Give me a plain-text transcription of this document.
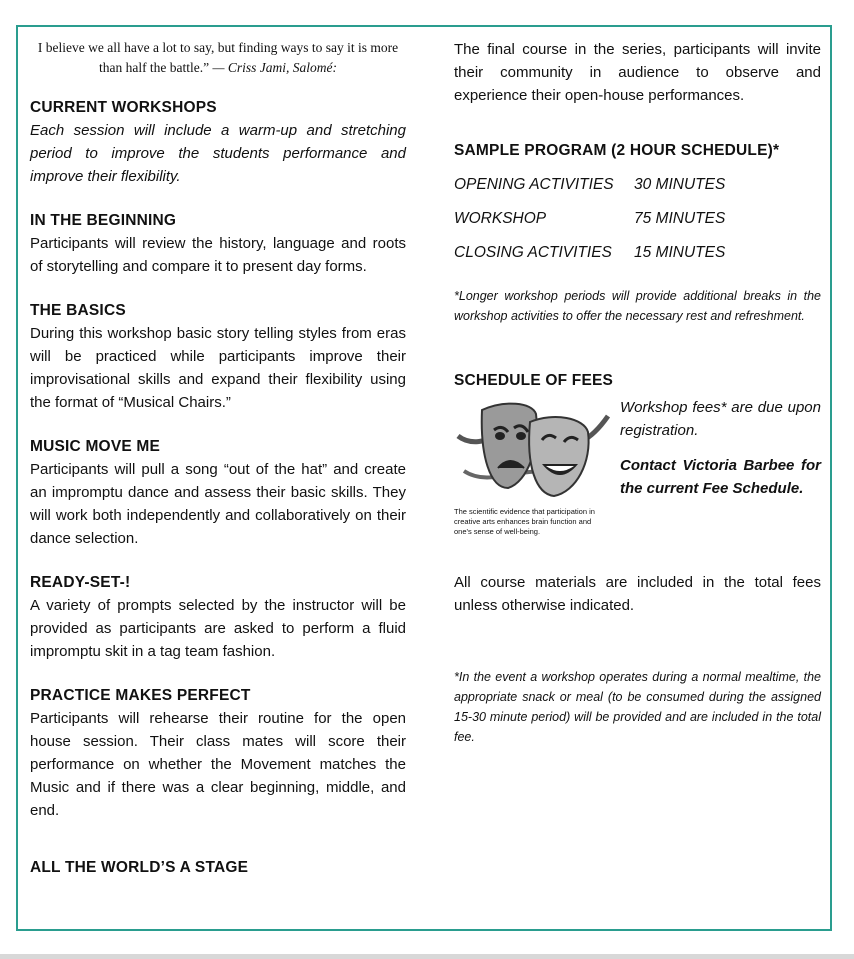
I believe we all have a lot to say, but finding ways to say it is more than half the battle.” — Criss Jami, Salomé:
CURRENT WORKSHOPS

Each session will include a warm-up and stretching period to improve the students performance and improve their flexibility.

IN THE BEGINNING

Participants will review the history, language and roots of storytelling and compare it to present day forms.

THE BASICS

During this workshop basic story telling styles from eras will be practiced while participants improve their improvisational skills and expand their flexibility using the format of “Musical Chairs.”

MUSIC MOVE ME

Participants will pull a song “out of the hat” and create an impromptu dance and assess their basic skills. They will work both independently and collaboratively on their dance selection.

READY-SET-!

A variety of prompts selected by the instructor will be provided as participants are asked to perform a fluid impromptu skit in a tag team fashion.

PRACTICE MAKES PERFECT

Participants will rehearse their routine for the open house session. Their class mates will score their performance on whether the Movement matches the Music and if there was a clear beginning, middle, and end.

ALL THE WORLD’S A STAGE

The final course in the series, participants will invite their community in audience to observe and experience their open-house performances.

SAMPLE PROGRAM (2 HOUR SCHEDULE)*
OPENING ACTIVITIES	30 MINUTES
WORKSHOP	75 MINUTES
CLOSING ACTIVITIES	15 MINUTES

*Longer workshop periods will provide additional breaks in the workshop activities to offer the necessary rest and refreshment.

SCHEDULE OF FEES
The scientific evidence that participation in creative arts enhances brain function and one's sense of well-being.

Workshop fees* are due upon registration.

Contact Victoria Barbee for the current Fee Schedule.

All course materials are included in the total fees unless otherwise indicated.

*In the event a workshop operates during a normal mealtime, the appropriate snack or meal (to be consumed during the assigned 15-30 minute period) will be provided and are included in the total fee.
